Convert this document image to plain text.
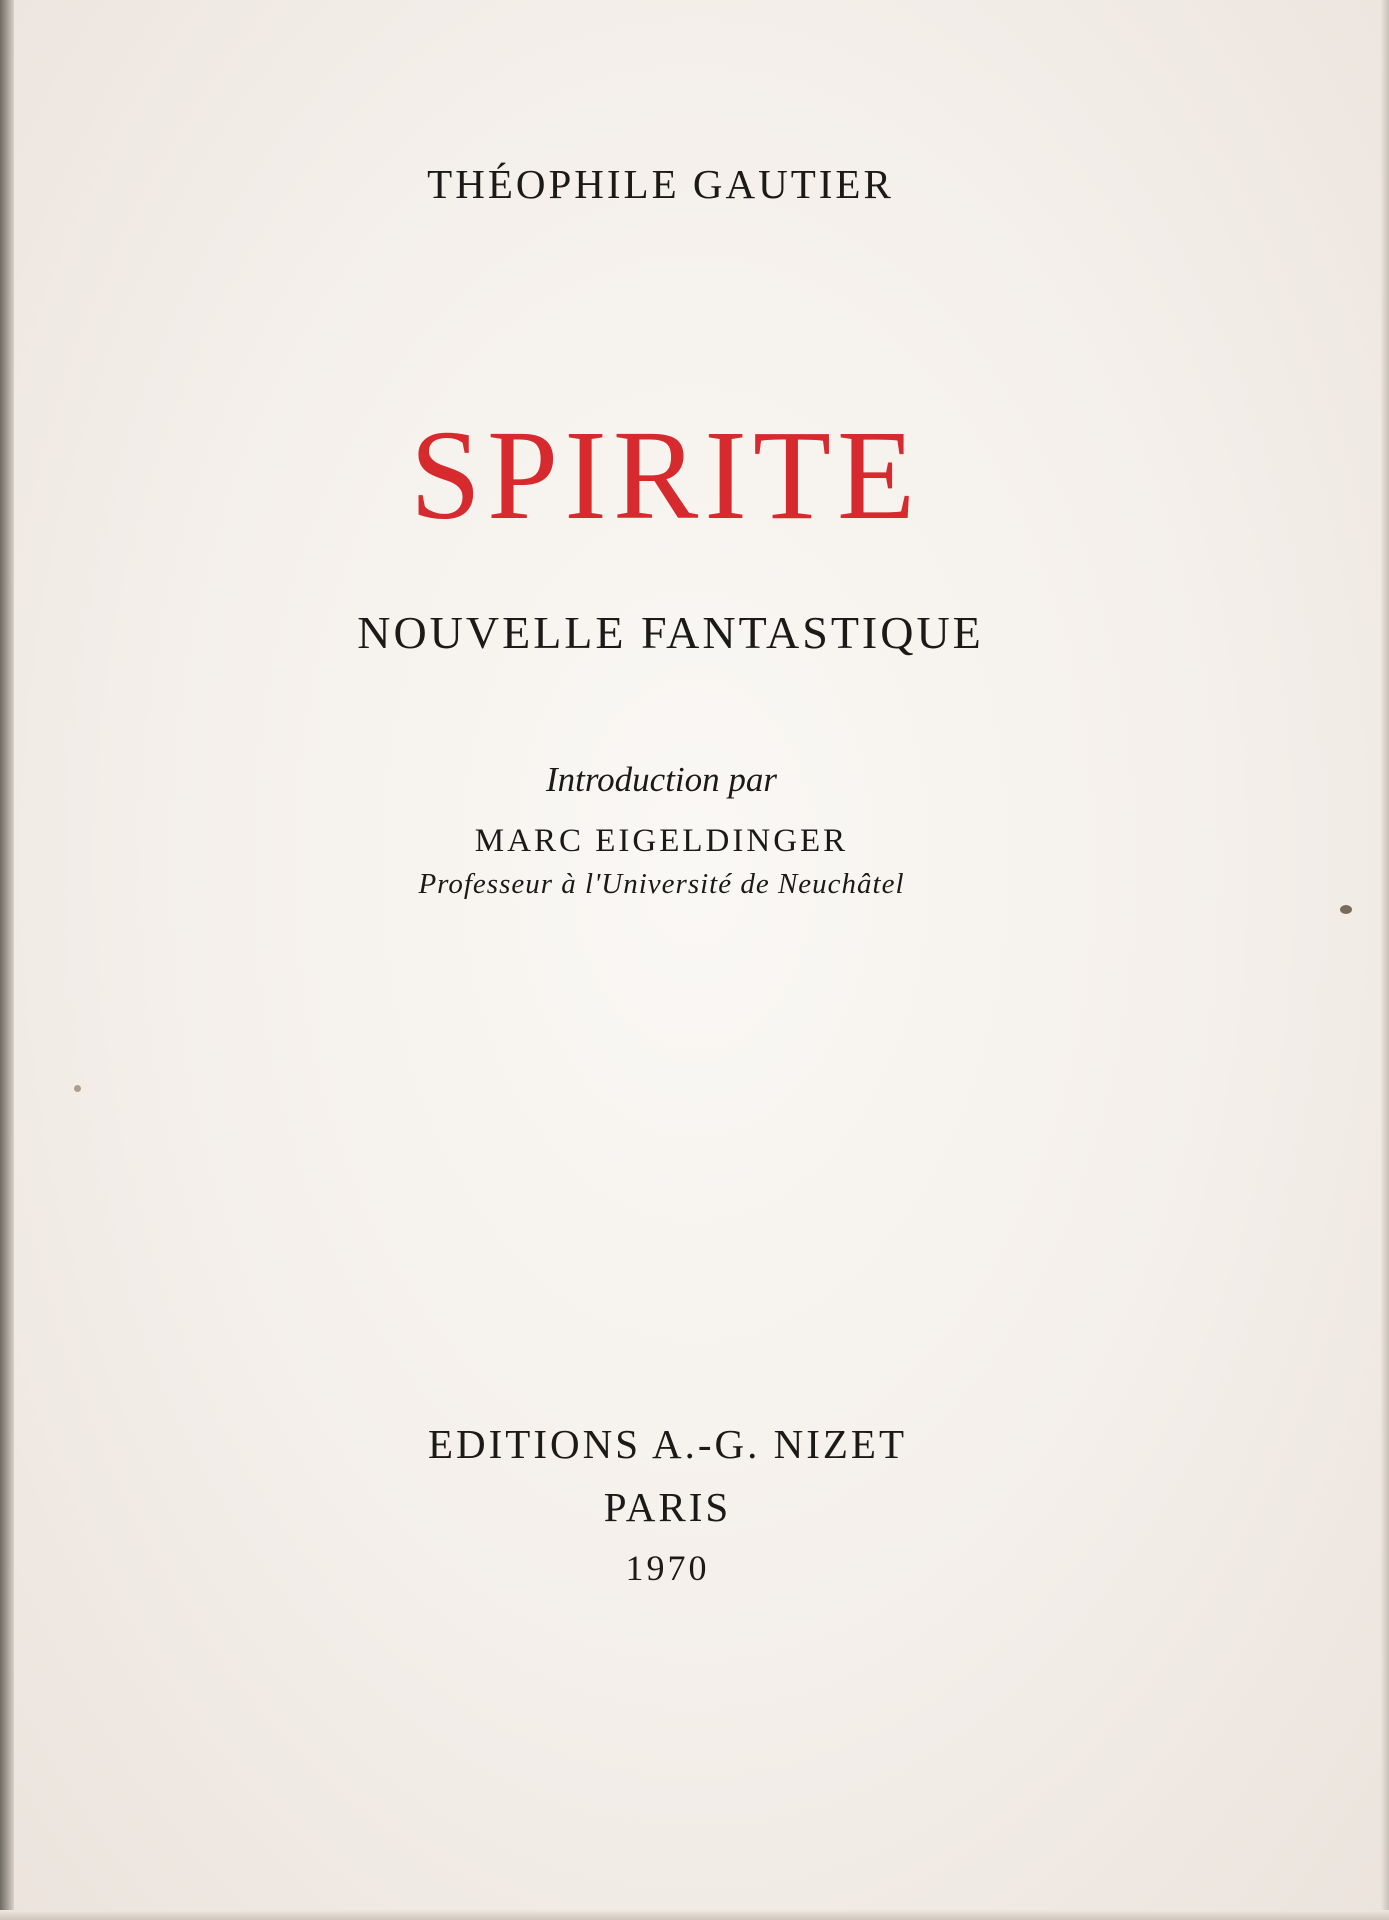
THÉOPHILE GAUTIER
SPIRITE
NOUVELLE FANTASTIQUE
Introduction par
MARC EIGELDINGER
Professeur à l'Université de Neuchâtel
EDITIONS A.-G. NIZET
PARIS
1970
